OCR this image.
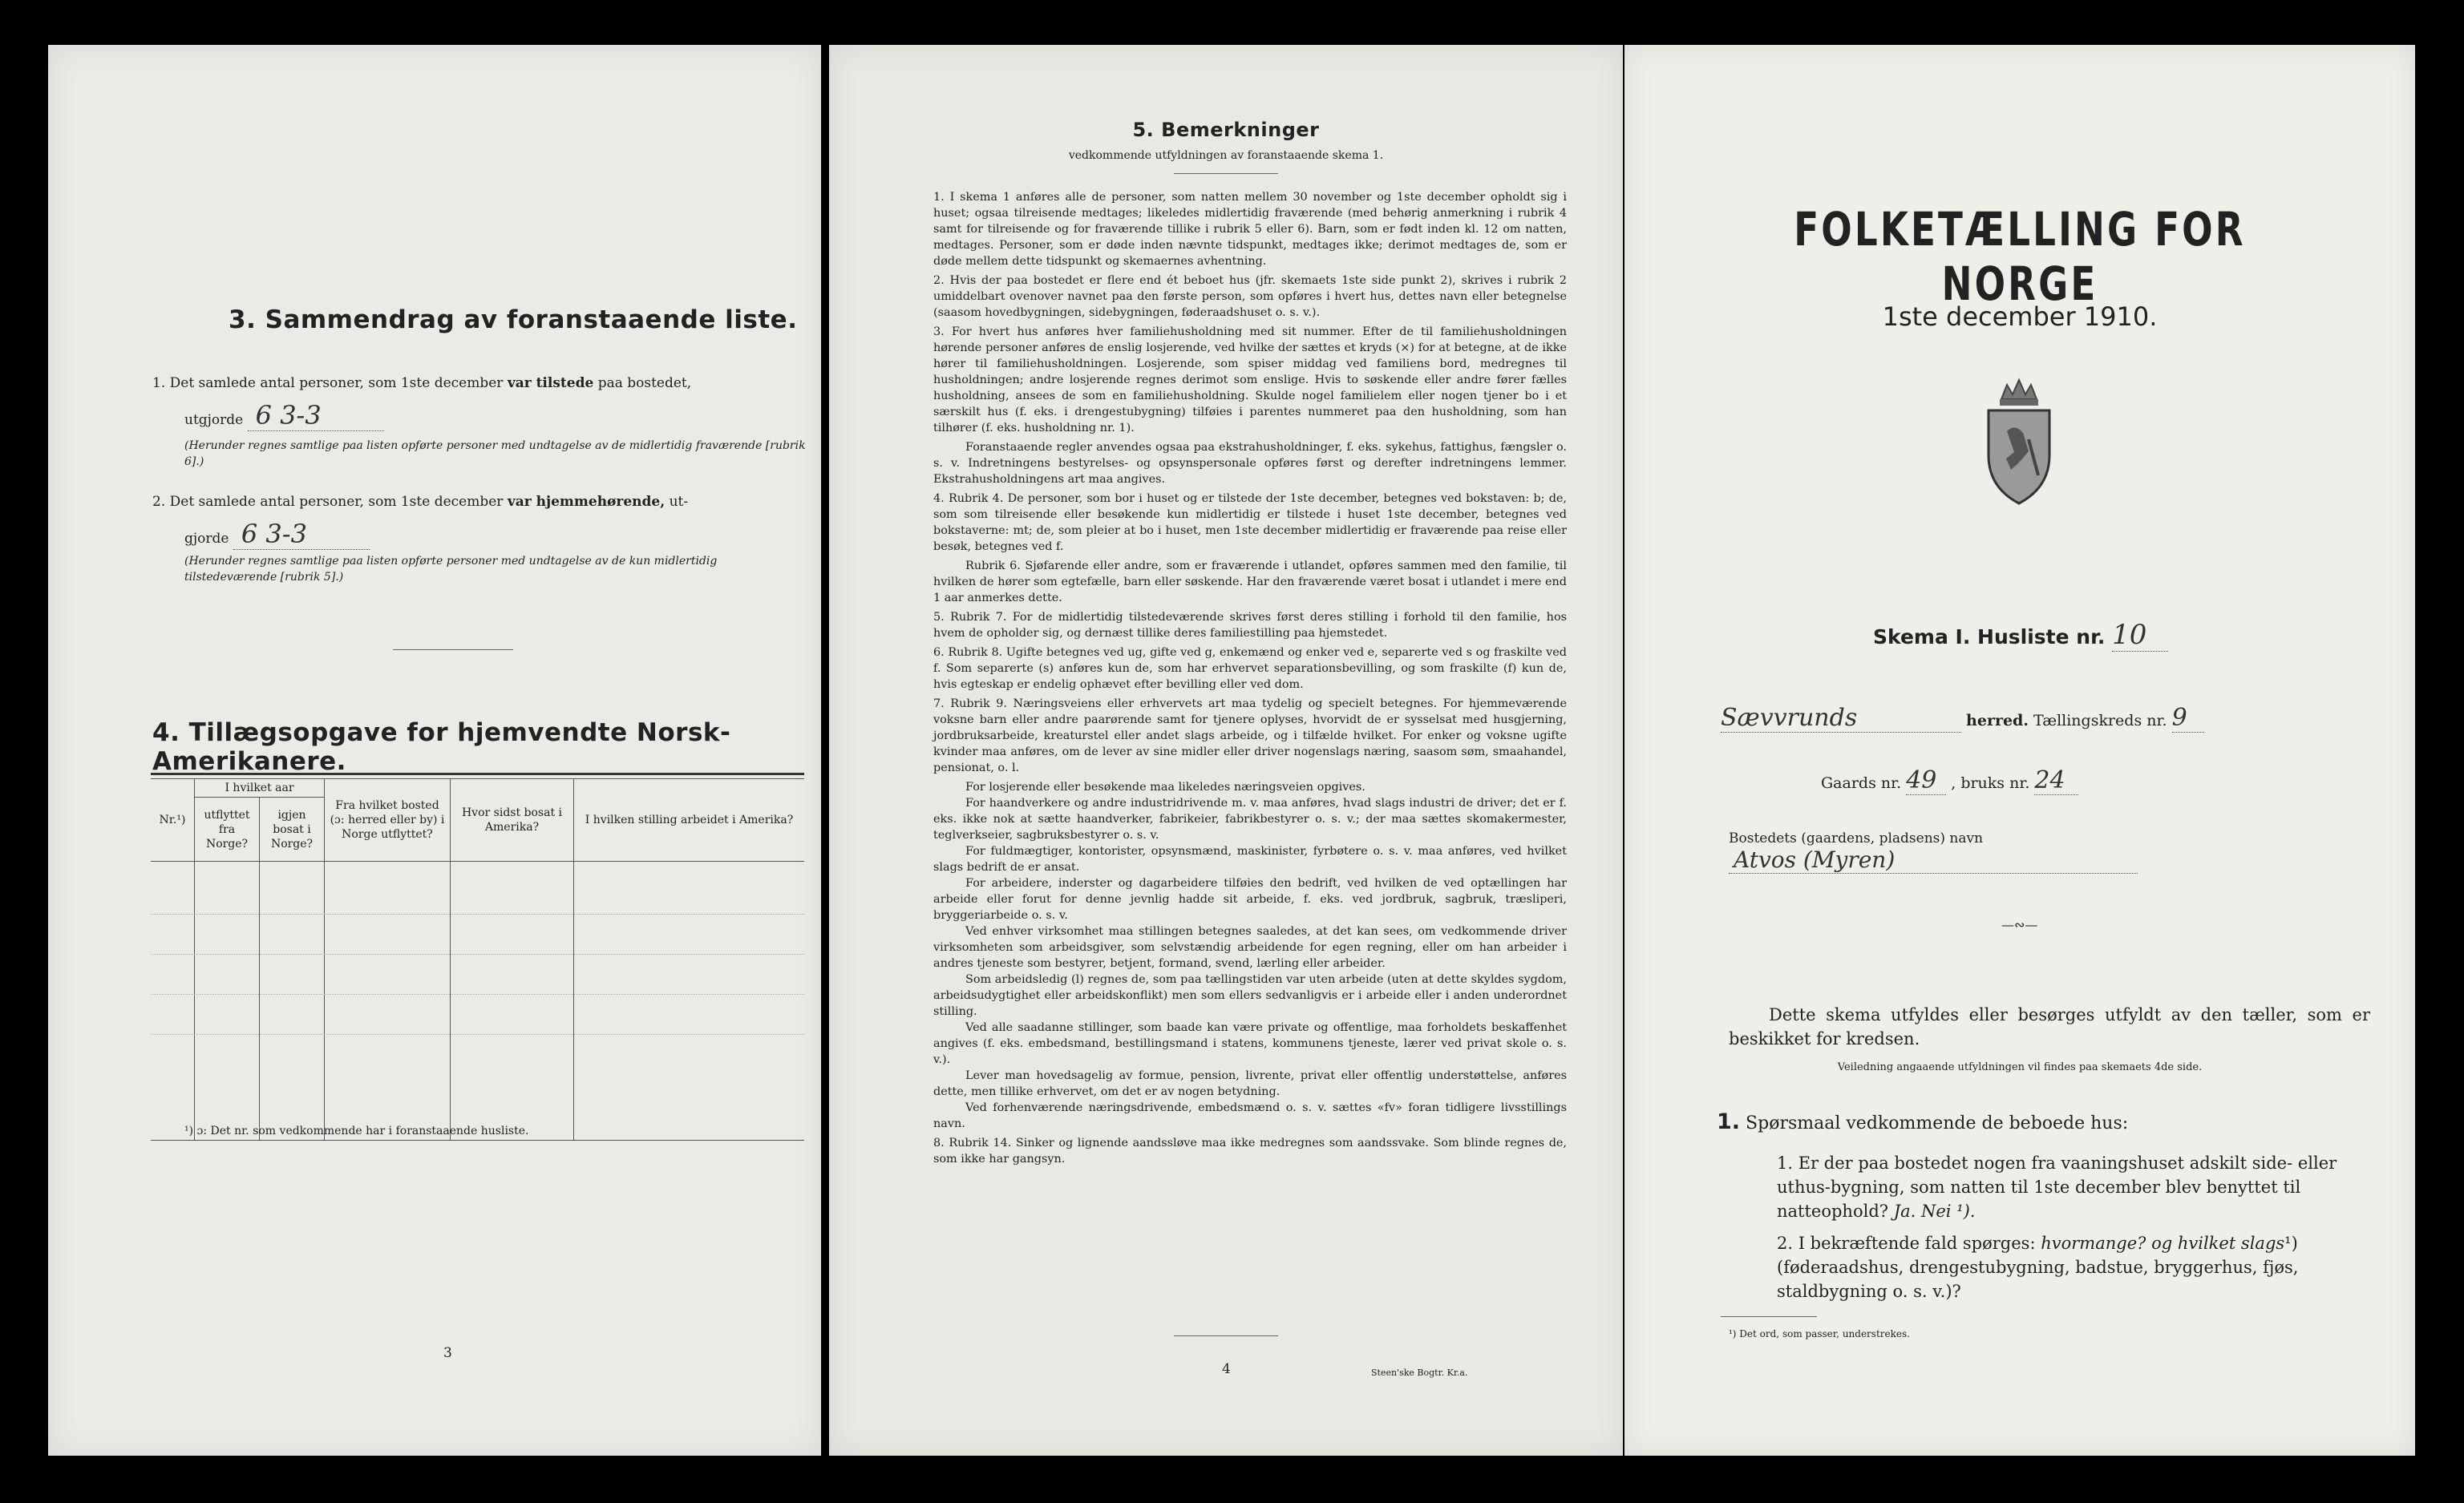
3. Sammendrag av foranstaaende liste.
1. Det samlede antal personer, som 1ste december var tilstede paa bostedet,
utgjorde 6 3-3
(Herunder regnes samtlige paa listen opførte personer med undtagelse av de midlertidig fraværende [rubrik 6].)
2. Det samlede antal personer, som 1ste december var hjemmehørende, ut-
gjorde 6 3-3
(Herunder regnes samtlige paa listen opførte personer med undtagelse av de kun midlertidig tilstedeværende [rubrik 5].)
4. Tillægsopgave for hjemvendte Norsk-Amerikanere.
Nr.¹)	I hvilket aar		Fra hvilket bosted (ɔ: herred eller by) i Norge utflyttet?	Hvor sidst bosat i Amerika?	I hvilken stilling arbeidet i Amerika?
	utflyttet fra Norge?	igjen bosat i Norge?			

¹) ɔ: Det nr. som vedkommende har i foranstaaende husliste.
3
5. Bemerkninger
vedkommende utfyldningen av foranstaaende skema 1.

1. I skema 1 anføres alle de personer, som natten mellem 30 november og 1ste december opholdt sig i huset; ogsaa tilreisende medtages; likeledes midlertidig fraværende (med behørig anmerkning i rubrik 4 samt for tilreisende og for fraværende tillike i rubrik 5 eller 6). Barn, som er født inden kl. 12 om natten, medtages. Personer, som er døde inden nævnte tidspunkt, medtages ikke; derimot medtages de, som er døde mellem dette tidspunkt og skemaernes avhentning.

2. Hvis der paa bostedet er flere end ét beboet hus (jfr. skemaets 1ste side punkt 2), skrives i rubrik 2 umiddelbart ovenover navnet paa den første person, som opføres i hvert hus, dettes navn eller betegnelse (saasom hovedbygningen, sidebygningen, føderaadshuset o. s. v.).

3. For hvert hus anføres hver familiehusholdning med sit nummer. Efter de til familiehusholdningen hørende personer anføres de enslig losjerende, ved hvilke der sættes et kryds (×) for at betegne, at de ikke hører til familiehusholdningen. Losjerende, som spiser middag ved familiens bord, medregnes til husholdningen; andre losjerende regnes derimot som enslige. Hvis to søskende eller andre fører fælles husholdning, ansees de som en familiehusholdning. Skulde nogel familielem eller nogen tjener bo i et særskilt hus (f. eks. i drengestubygning) tilføies i parentes nummeret paa den husholdning, som han tilhører (f. eks. husholdning nr. 1).

Foranstaaende regler anvendes ogsaa paa ekstrahusholdninger, f. eks. sykehus, fattighus, fængsler o. s. v. Indretningens bestyrelses- og opsynspersonale opføres først og derefter indretningens lemmer. Ekstrahusholdningens art maa angives.

4. Rubrik 4. De personer, som bor i huset og er tilstede der 1ste december, betegnes ved bokstaven: b; de, som som tilreisende eller besøkende kun midlertidig er tilstede i huset 1ste december, betegnes ved bokstaverne: mt; de, som pleier at bo i huset, men 1ste december midlertidig er fraværende paa reise eller besøk, betegnes ved f.

Rubrik 6. Sjøfarende eller andre, som er fraværende i utlandet, opføres sammen med den familie, til hvilken de hører som egtefælle, barn eller søskende. Har den fraværende været bosat i utlandet i mere end 1 aar anmerkes dette.

5. Rubrik 7. For de midlertidig tilstedeværende skrives først deres stilling i forhold til den familie, hos hvem de opholder sig, og dernæst tillike deres familiestilling paa hjemstedet.

6. Rubrik 8. Ugifte betegnes ved ug, gifte ved g, enkemænd og enker ved e, separerte ved s og fraskilte ved f. Som separerte (s) anføres kun de, som har erhvervet separationsbevilling, og som fraskilte (f) kun de, hvis egteskap er endelig ophævet efter bevilling eller ved dom.

7. Rubrik 9. Næringsveiens eller erhvervets art maa tydelig og specielt betegnes. For hjemmeværende voksne barn eller andre paarørende samt for tjenere oplyses, hvorvidt de er sysselsat med husgjerning, jordbruksarbeide, kreaturstel eller andet slags arbeide, og i tilfælde hvilket. For enker og voksne ugifte kvinder maa anføres, om de lever av sine midler eller driver nogenslags næring, saasom søm, smaahandel, pensionat, o. l.

For losjerende eller besøkende maa likeledes næringsveien opgives.

For haandverkere og andre industridrivende m. v. maa anføres, hvad slags industri de driver; det er f. eks. ikke nok at sætte haandverker, fabrikeier, fabrikbestyrer o. s. v.; der maa sættes skomakermester, teglverkseier, sagbruksbestyrer o. s. v.

For fuldmægtiger, kontorister, opsynsmænd, maskinister, fyrbøtere o. s. v. maa anføres, ved hvilket slags bedrift de er ansat.

For arbeidere, inderster og dagarbeidere tilføies den bedrift, ved hvilken de ved optællingen har arbeide eller forut for denne jevnlig hadde sit arbeide, f. eks. ved jordbruk, sagbruk, træsliperi, bryggeriarbeide o. s. v.

Ved enhver virksomhet maa stillingen betegnes saaledes, at det kan sees, om vedkommende driver virksomheten som arbeidsgiver, som selvstændig arbeidende for egen regning, eller om han arbeider i andres tjeneste som bestyrer, betjent, formand, svend, lærling eller arbeider.

Som arbeidsledig (l) regnes de, som paa tællingstiden var uten arbeide (uten at dette skyldes sygdom, arbeidsudygtighet eller arbeidskonflikt) men som ellers sedvanligvis er i arbeide eller i anden underordnet stilling.

Ved alle saadanne stillinger, som baade kan være private og offentlige, maa forholdets beskaffenhet angives (f. eks. embedsmand, bestillingsmand i statens, kommunens tjeneste, lærer ved privat skole o. s. v.).

Lever man hovedsagelig av formue, pension, livrente, privat eller offentlig understøttelse, anføres dette, men tillike erhvervet, om det er av nogen betydning.

Ved forhenværende næringsdrivende, embedsmænd o. s. v. sættes «fv» foran tidligere livsstillings navn.

8. Rubrik 14. Sinker og lignende aandssløve maa ikke medregnes som aandssvake. Som blinde regnes de, som ikke har gangsyn.

4	Steen'ske Bogtr. Kr.a.
FOLKETÆLLING FOR NORGE
1ste december 1910.
Skema I. Husliste nr. 10
Sævvrunds	herred. Tællingskreds nr. 9
Gaards nr. 49 , bruks nr. 24
Bostedets (gaardens, pladsens) navn Atvos (Myren)
—∾—
Dette skema utfyldes eller besørges utfyldt av den tæller, som er beskikket for kredsen.
Veiledning angaaende utfyldningen vil findes paa skemaets 4de side.
1. Spørsmaal vedkommende de beboede hus:
1. Er der paa bostedet nogen fra vaaningshuset adskilt side- eller uthus-bygning, som natten til 1ste december blev benyttet til natteophold? Ja. Nei ¹).
2. I bekræftende fald spørges: hvormange? og hvilket slags¹) (føderaadshus, drengestubygning, badstue, bryggerhus, fjøs, staldbygning o. s. v.)?
¹) Det ord, som passer, understrekes.
